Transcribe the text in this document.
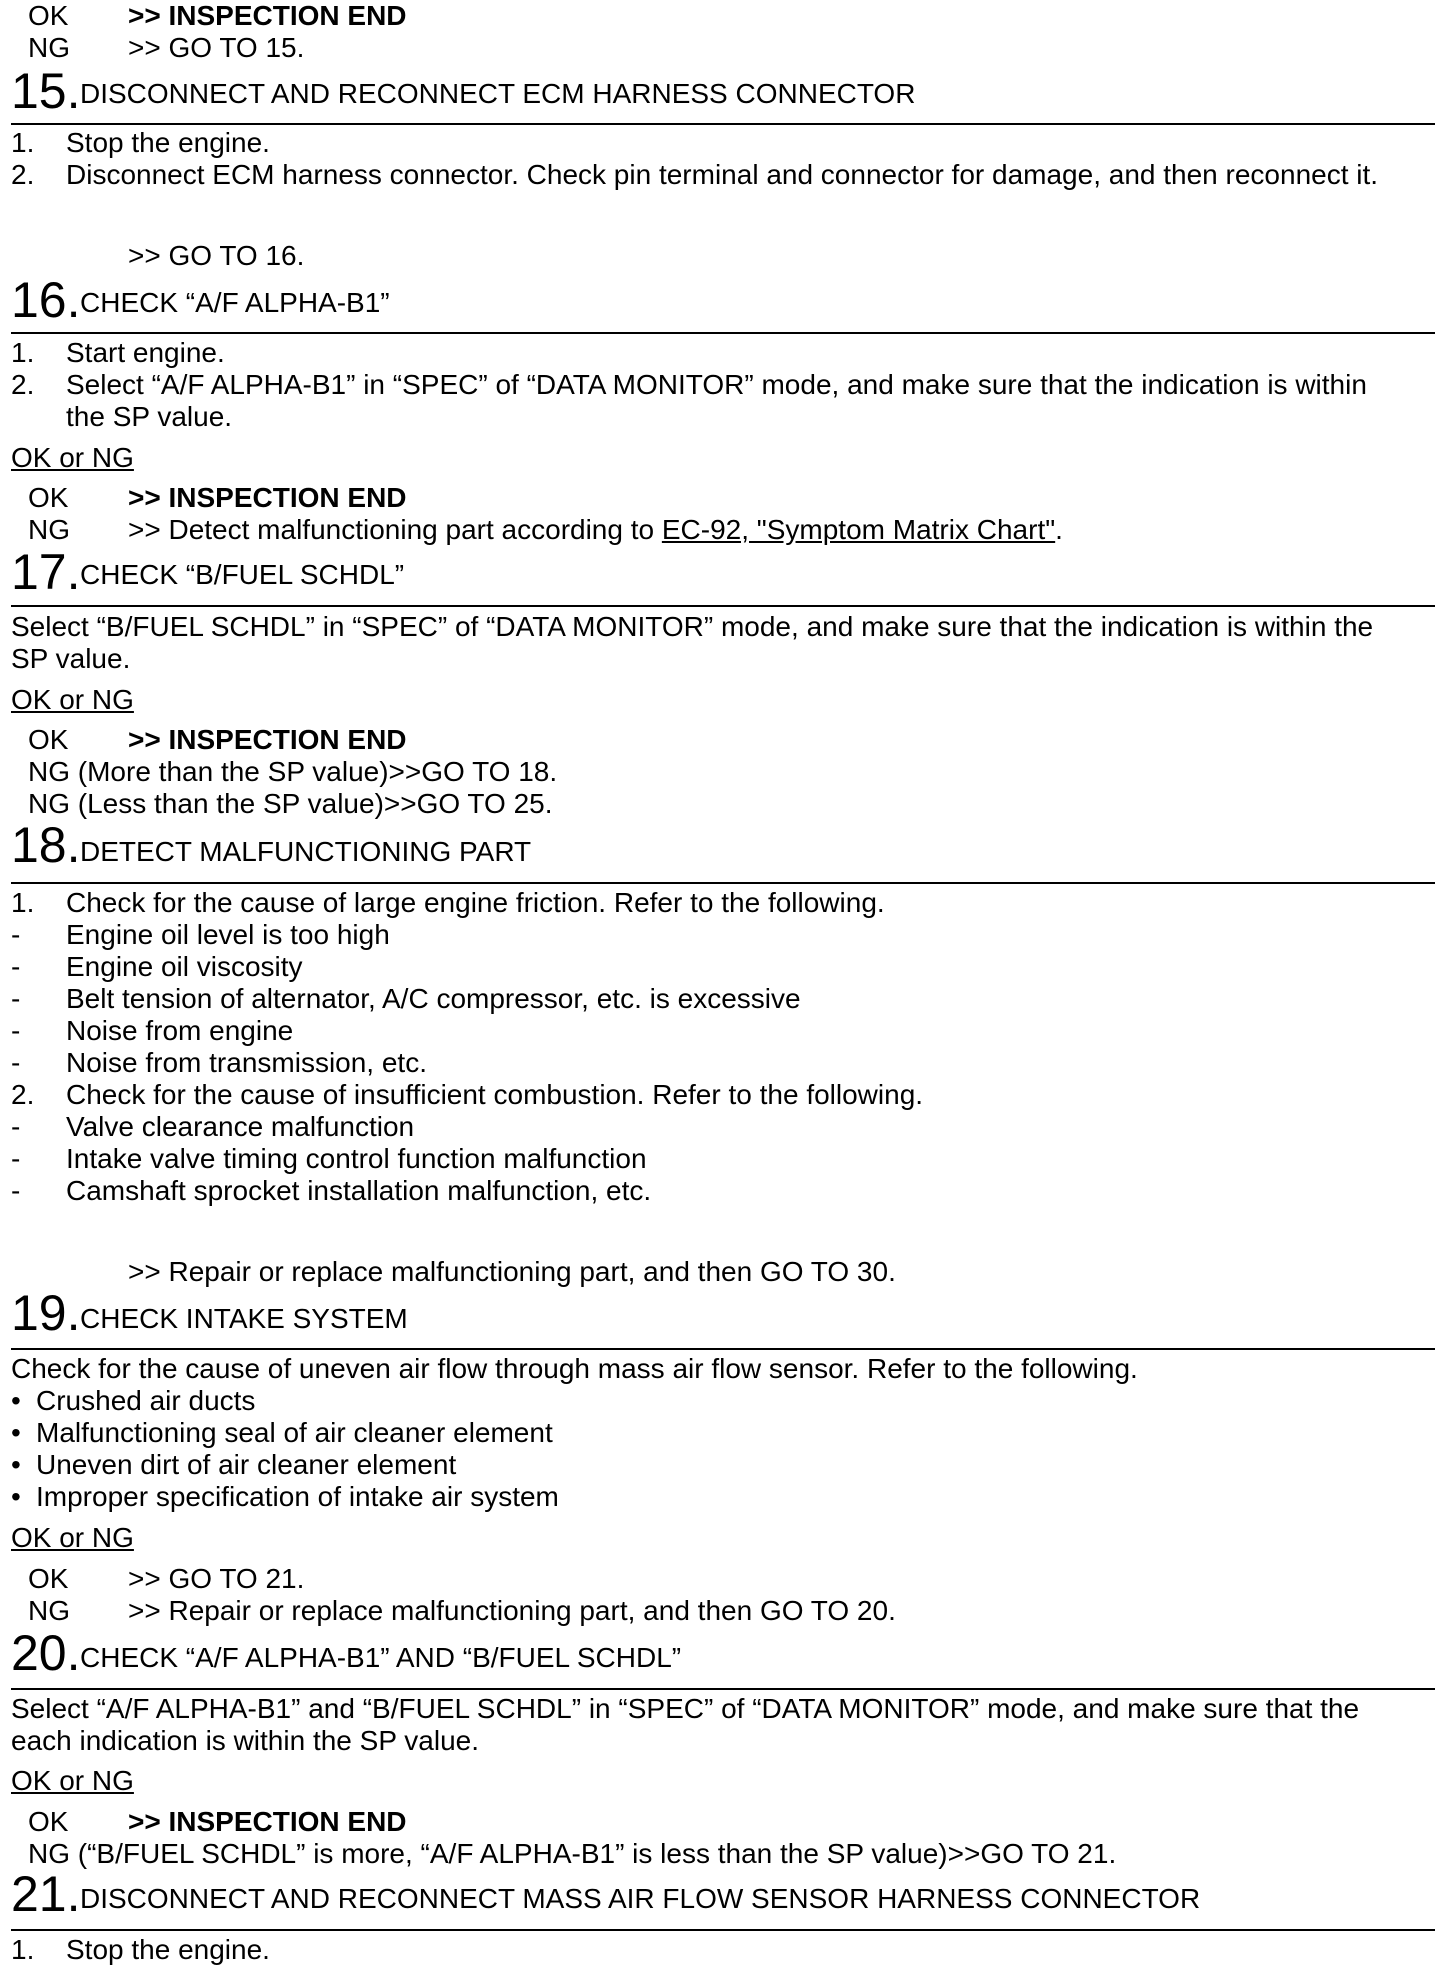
OK >> INSPECTION END
NG >> GO TO 15.
15. DISCONNECT AND RECONNECT ECM HARNESS CONNECTOR
1. Stop the engine.
2. Disconnect ECM harness connector. Check pin terminal and connector for damage, and then reconnect it.
>> GO TO 16.
16. CHECK “A/F ALPHA-B1”
1. Start engine.
2. Select “A/F ALPHA-B1” in “SPEC” of “DATA MONITOR” mode, and make sure that the indication is within
the SP value.
OK or NG
OK >> INSPECTION END
NG >> Detect malfunctioning part according to EC-92, "Symptom Matrix Chart".
17. CHECK “B/FUEL SCHDL”
Select “B/FUEL SCHDL” in “SPEC” of “DATA MONITOR” mode, and make sure that the indication is within the
SP value.
OK or NG
OK >> INSPECTION END
NG (More than the SP value)>>GO TO 18.
NG (Less than the SP value)>>GO TO 25.
18. DETECT MALFUNCTIONING PART
1. Check for the cause of large engine friction. Refer to the following.
- Engine oil level is too high
- Engine oil viscosity
- Belt tension of alternator, A/C compressor, etc. is excessive
- Noise from engine
- Noise from transmission, etc.
2. Check for the cause of insufficient combustion. Refer to the following.
- Valve clearance malfunction
- Intake valve timing control function malfunction
- Camshaft sprocket installation malfunction, etc.
>> Repair or replace malfunctioning part, and then GO TO 30.
19. CHECK INTAKE SYSTEM
Check for the cause of uneven air flow through mass air flow sensor. Refer to the following.
• Crushed air ducts
• Malfunctioning seal of air cleaner element
• Uneven dirt of air cleaner element
• Improper specification of intake air system
OK or NG
OK >> GO TO 21.
NG >> Repair or replace malfunctioning part, and then GO TO 20.
20. CHECK “A/F ALPHA-B1” AND “B/FUEL SCHDL”
Select “A/F ALPHA-B1” and “B/FUEL SCHDL” in “SPEC” of “DATA MONITOR” mode, and make sure that the
each indication is within the SP value.
OK or NG
OK >> INSPECTION END
NG (“B/FUEL SCHDL” is more, “A/F ALPHA-B1” is less than the SP value)>>GO TO 21.
21. DISCONNECT AND RECONNECT MASS AIR FLOW SENSOR HARNESS CONNECTOR
1. Stop the engine.
